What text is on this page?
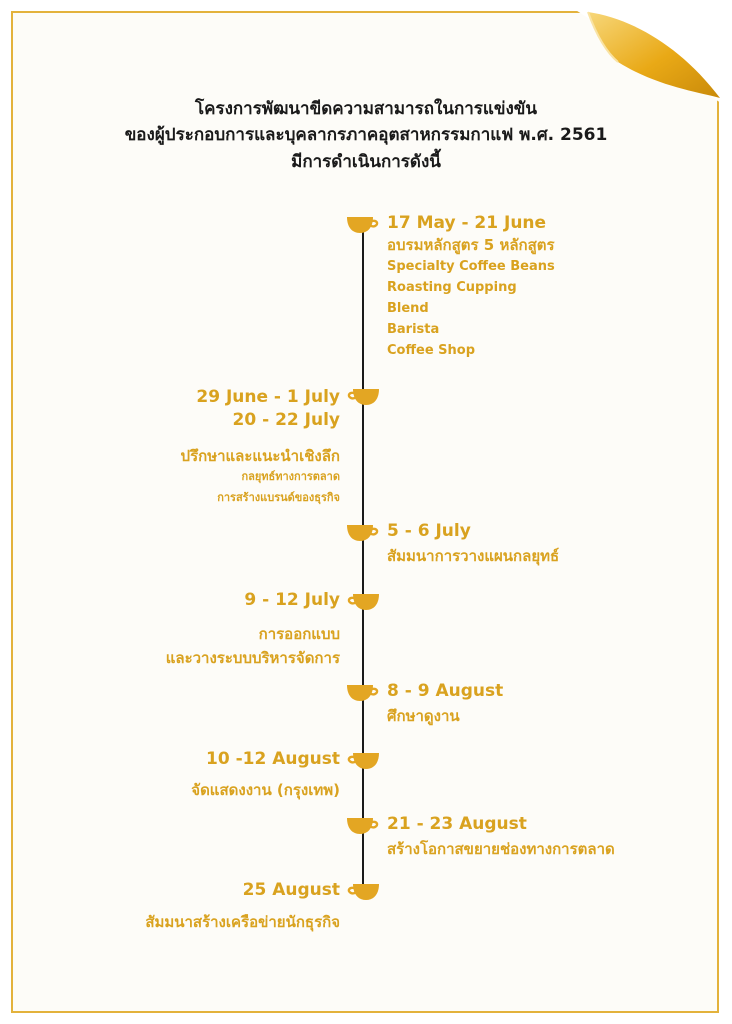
โครงการพัฒนาขีดความสามารถในการแข่งขัน
ของผู้ประกอบการและบุคลากรภาคอุตสาหกรรมกาแฟ พ.ศ. 2561
มีการดำเนินการดังนี้
17 May - 21 June
อบรมหลักสูตร 5 หลักสูตร
Specialty Coffee Beans
Roasting Cupping
Blend
Barista
Coffee Shop
29 June - 1 July
20 - 22 July
ปรึกษาและแนะนำเชิงลึก
กลยุทธ์ทางการตลาด
การสร้างแบรนด์ของธุรกิจ
5 - 6 July
สัมมนาการวางแผนกลยุทธ์
9 - 12 July
การออกแบบ
และวางระบบบริหารจัดการ
8 - 9 August
ศึกษาดูงาน
10 -12 August
จัดแสดงงาน (กรุงเทพ)
21 - 23 August
สร้างโอกาสขยายช่องทางการตลาด
25 August
สัมมนาสร้างเครือข่ายนักธุรกิจ
